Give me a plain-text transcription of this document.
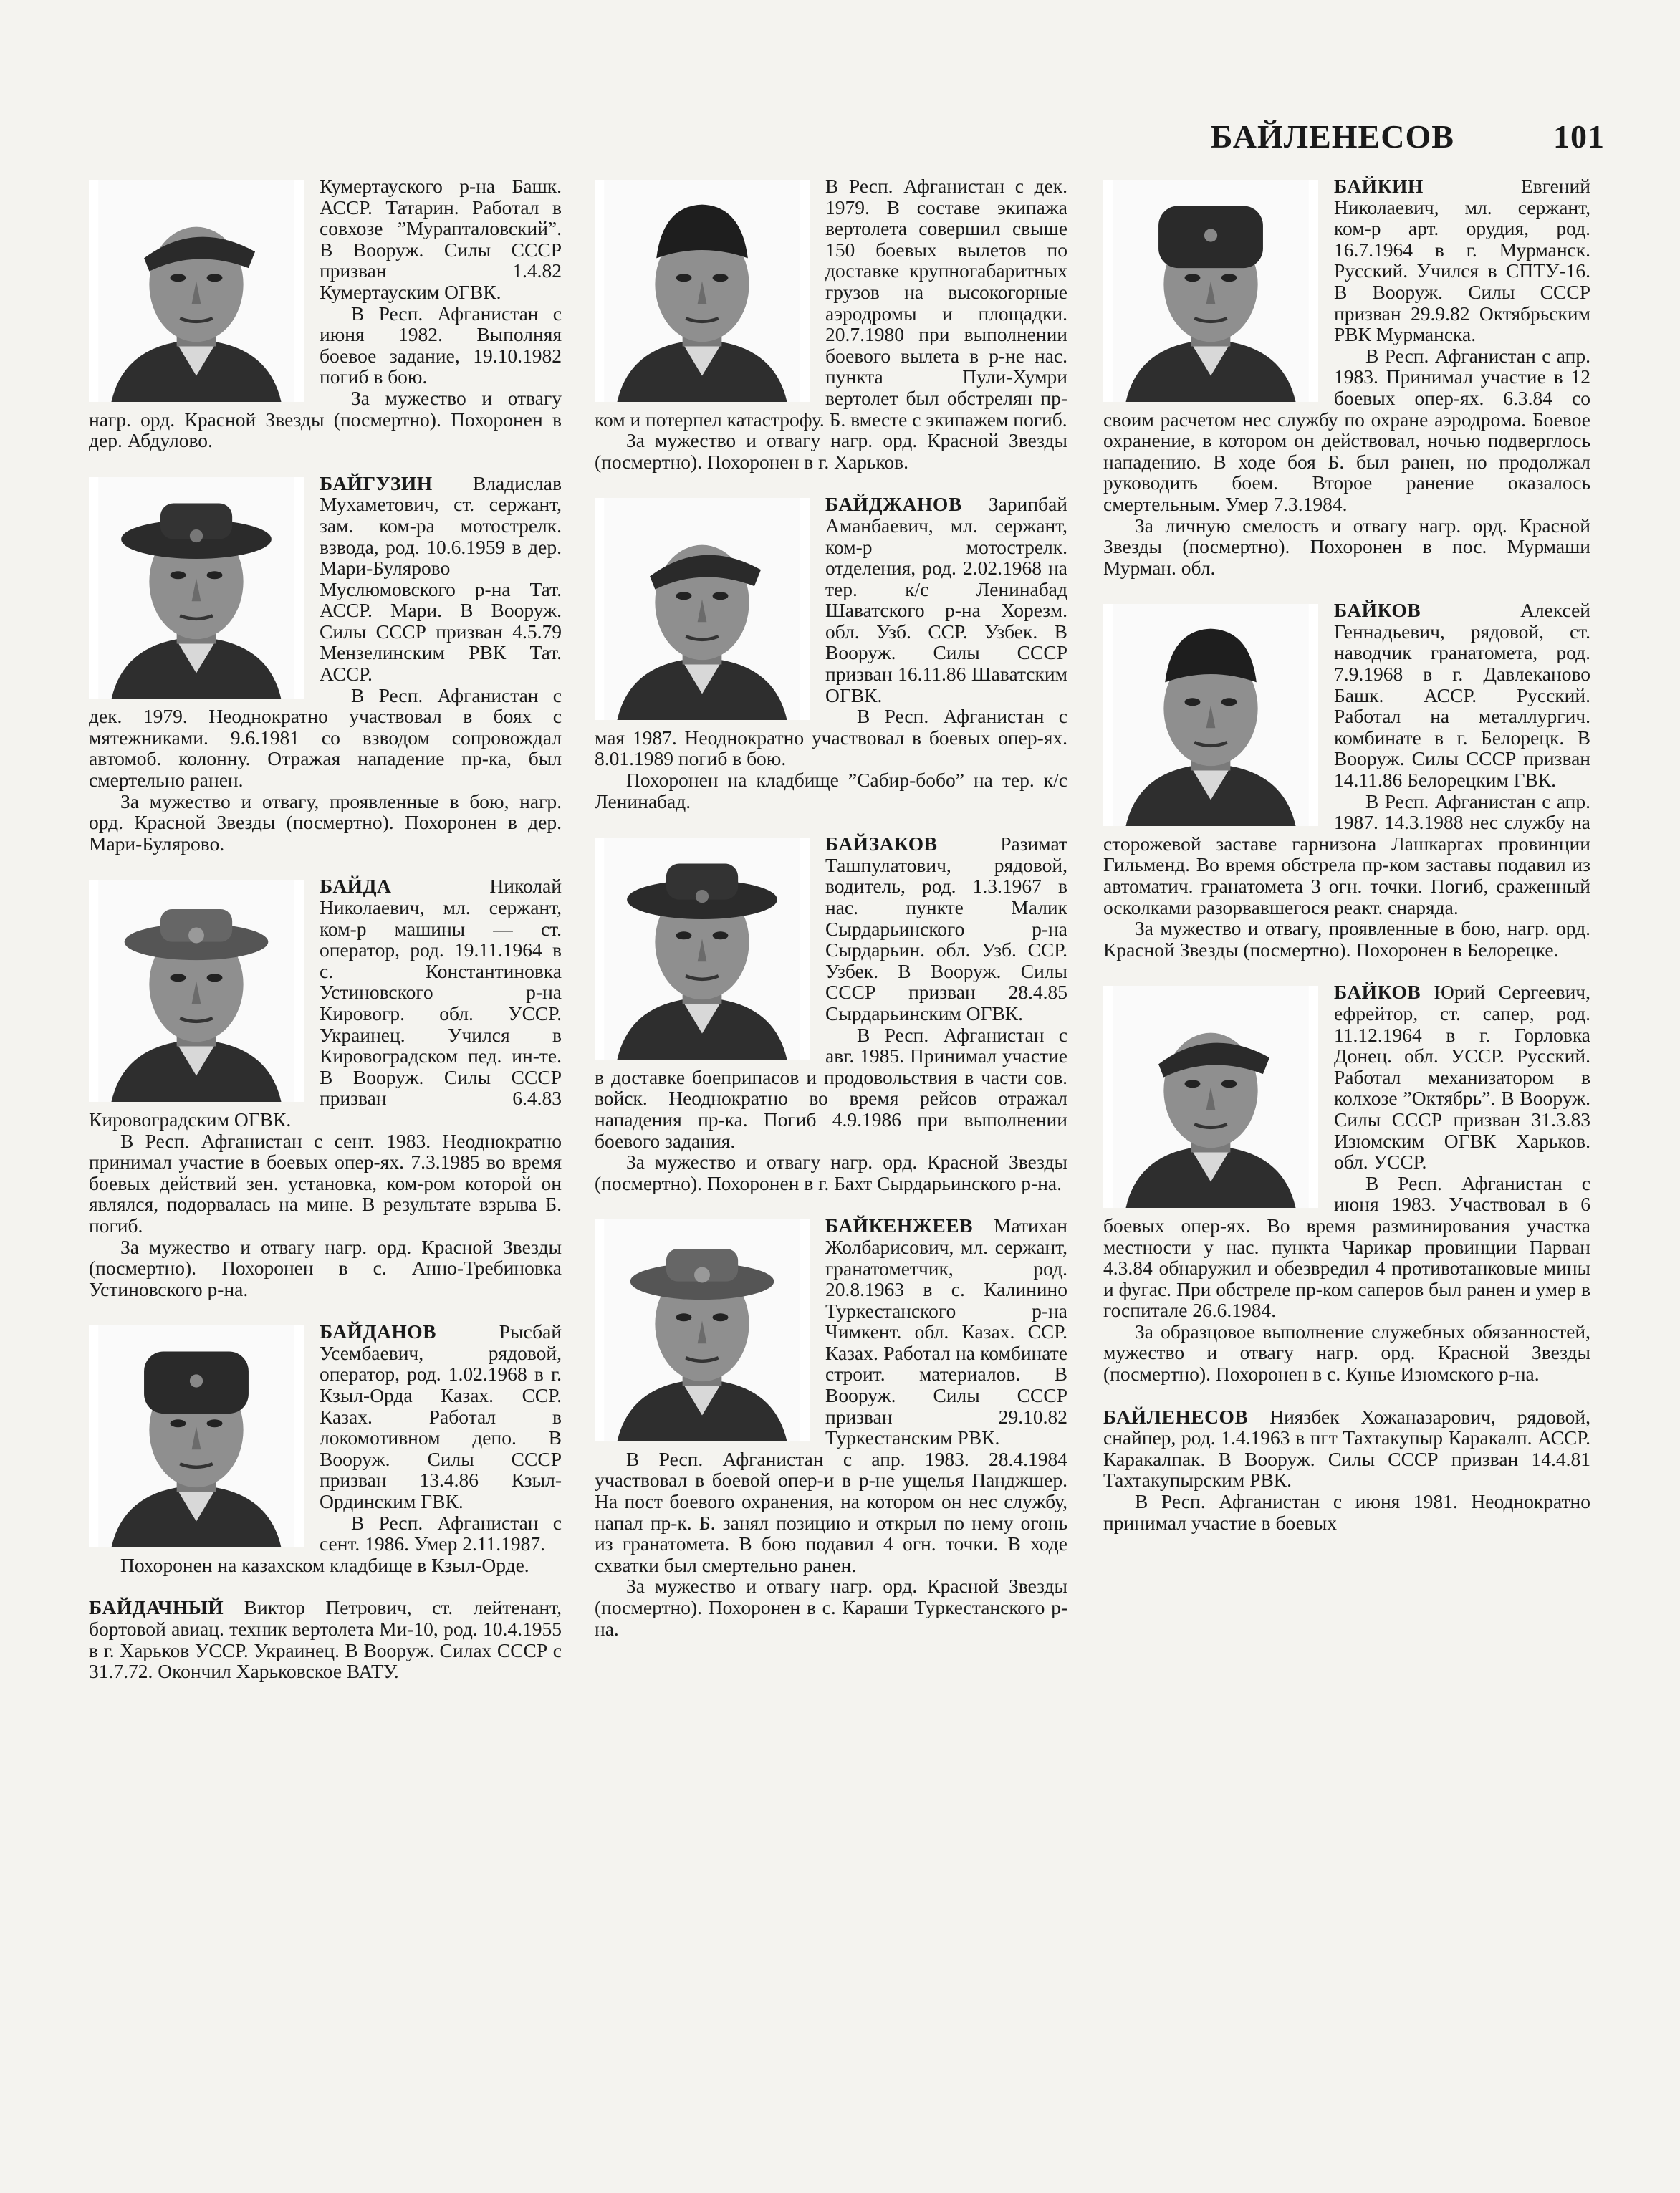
БАЙЛЕНЕСОВ	101

Кумертауского р-на Башк. АССР. Татарин. Работал в совхозе ”Мурапталовский”. В Вооруж. Силы СССР призван 1.4.82 Кумертауским ОГВК.

В Респ. Афганистан с июня 1982. Выполняя боевое задание, 19.10.1982 погиб в бою.

За мужество и отвагу нагр. орд. Красной Звезды (посмертно). Похоронен в дер. Абдулово.

БАЙГУЗИН Владислав Мухаметович, ст. сержант, зам. ком-ра мотострелк. взвода, род. 10.6.1959 в дер. Мари-Булярово Муслюмовского р-на Тат. АССР. Мари. В Вооруж. Силы СССР призван 4.5.79 Мензелинским РВК Тат. АССР.

В Респ. Афганистан с дек. 1979. Неоднократно участвовал в боях с мятежниками. 9.6.1981 со взводом сопровождал автомоб. колонну. Отражая нападение пр-ка, был смертельно ранен.

За мужество и отвагу, проявленные в бою, нагр. орд. Красной Звезды (посмертно). Похоронен в дер. Мари-Булярово.

БАЙДА	Николай Николаевич, мл. сержант, ком-р машины — ст. оператор, род. 19.11.1964 в с. Константиновка Устиновского р-на Кировогр. обл. УССР. Украинец. Учился в Кировоградском пед. ин-те. В Вооруж. Силы СССР призван 6.4.83 Кировоградским ОГВК.

В Респ. Афганистан с сент. 1983. Неоднократно принимал участие в боевых опер-ях. 7.3.1985 во время боевых действий зен. установка, ком-ром которой он являлся, подорвалась на мине. В результате взрыва Б. погиб.

За мужество и отвагу нагр. орд. Красной Звезды (посмертно). Похоронен в с. Анно-Требиновка Устиновского р-на.

БАЙДАНОВ	Рысбай Усембаевич, рядовой, оператор, род. 1.02.1968 в г. Кзыл-Орда Казах. ССР. Казах. Работал в локомотивном депо. В Вооруж. Силы СССР призван 13.4.86 Кзыл-Ординским ГВК.

В Респ. Афганистан с сент. 1986. Умер 2.11.1987.

Похоронен на казахском кладбище в Кзыл-Орде.

БАЙДАЧНЫЙ Виктор Петрович, ст. лейтенант, бортовой авиац. техник вертолета Ми-10, род. 10.4.1955 в г. Харьков УССР. Украинец. В Вооруж. Силах СССР с 31.7.72. Окончил Харьковское ВАТУ.

В Респ. Афганистан с дек. 1979. В составе экипажа вертолета совершил свыше 150 боевых вылетов по доставке крупногабаритных грузов на высокогорные аэродромы и площадки. 20.7.1980 при выполнении боевого вылета в р-не нас. пункта Пули-Хумри вертолет был обстрелян пр-ком и потерпел катастрофу. Б. вместе с экипажем погиб.

За мужество и отвагу нагр. орд. Красной Звезды (посмертно). Похоронен в г. Харьков.

БАЙДЖАНОВ Зарипбай Аманбаевич, мл. сержант, ком-р мотострелк. отделения, род. 2.02.1968 на тер. к/с Ленинабад Шаватского р-на Хорезм. обл. Узб. ССР. Узбек. В Вооруж. Силы СССР призван 16.11.86 Шаватским ОГВК.

В Респ. Афганистан с мая 1987. Неоднократно участвовал в боевых опер-ях. 8.01.1989 погиб в бою.

Похоронен на кладбище ”Сабир-бобо” на тер. к/с Ленинабад.

БАЙЗАКОВ	Разимат Ташпулатович, рядовой, водитель, род. 1.3.1967 в нас. пункте Малик Сырдарьинского р-на Сырдарьин. обл. Узб. ССР. Узбек. В Вооруж. Силы СССР призван 28.4.85 Сырдарьинским ОГВК.

В Респ. Афганистан с авг. 1985. Принимал участие в доставке боеприпасов и продовольствия в части сов. войск. Неоднократно во время рейсов отражал нападения пр-ка. Погиб 4.9.1986 при выполнении боевого задания.

За мужество и отвагу нагр. орд. Красной Звезды (посмертно). Похоронен в г. Бахт Сырдарьинского р-на.

БАЙКЕНЖЕЕВ Матихан Жолбарисович, мл. сержант, гранатометчик, род. 20.8.1963 в с. Калинино Туркестанского р-на Чимкент. обл. Казах. ССР. Казах. Работал на комбинате строит. материалов. В Вооруж. Силы СССР призван 29.10.82 Туркестанским РВК.

В Респ. Афганистан с апр. 1983. 28.4.1984 участвовал в боевой опер-и в р-не ущелья Панджшер. На пост боевого охранения, на котором он нес службу, напал пр-к. Б. занял позицию и открыл по нему огонь из гранатомета. В бою подавил 4 огн. точки. В ходе схватки был смертельно ранен.

За мужество и отвагу нагр. орд. Красной Звезды (посмертно). Похоронен в с. Караши Туркестанского р-на.

БАЙКИН	Евгений Николаевич, мл. сержант, ком-р арт. орудия, род. 16.7.1964 в г. Мурманск. Русский. Учился в СПТУ-16. В Вооруж. Силы СССР призван 29.9.82 Октябрьским РВК Мурманска.

В Респ. Афганистан с апр. 1983. Принимал участие в 12 боевых опер-ях. 6.3.84 со своим расчетом нес службу по охране аэродрома. Боевое охранение, в котором он действовал, ночью подверглось нападению. В ходе боя Б. был ранен, но продолжал руководить боем. Второе ранение оказалось смертельным. Умер 7.3.1984.

За личную смелость и отвагу нагр. орд. Красной Звезды (посмертно). Похоронен в пос. Мурмаши Мурман. обл.

БАЙКОВ	Алексей Геннадьевич, рядовой, ст. наводчик гранатомета, род. 7.9.1968 в г. Давлеканово Башк. АССР. Русский. Работал на металлургич. комбинате в г. Белорецк. В Вооруж. Силы СССР призван 14.11.86 Белорецким ГВК.

В Респ. Афганистан с апр. 1987. 14.3.1988 нес службу на сторожевой заставе гарнизона Лашкаргах провинции Гильменд. Во время обстрела пр-ком заставы подавил из автоматич. гранатомета 3 огн. точки. Погиб, сраженный осколками разорвавшегося реакт. снаряда.

За мужество и отвагу, проявленные в бою, нагр. орд. Красной Звезды (посмертно). Похоронен в Белорецке.

БАЙКОВ Юрий Сергеевич, ефрейтор, ст. сапер, род. 11.12.1964 в г. Горловка Донец. обл. УССР. Русский. Работал механизатором в колхозе ”Октябрь”. В Вооруж. Силы СССР призван 31.3.83 Изюмским ОГВК Харьков. обл. УССР.

В Респ. Афганистан с июня 1983. Участвовал в 6 боевых опер-ях. Во время разминирования участка местности у нас. пункта Чарикар провинции Парван 4.3.84 обнаружил и обезвредил 4 противотанковые мины и фугас. При обстреле пр-ком саперов был ранен и умер в госпитале 26.6.1984.

За образцовое выполнение служебных обязанностей, мужество и отвагу нагр. орд. Красной Звезды (посмертно). Похоронен в с. Кунье Изюмского р-на.

БАЙЛЕНЕСОВ Ниязбек Хожаназарович, рядовой, снайпер, род. 1.4.1963 в пгт Тахтакупыр Каракалп. АССР. Каракалпак. В Вооруж. Силы СССР призван 14.4.81 Тахтакупырским РВК.

В Респ. Афганистан с июня 1981. Неоднократно принимал участие в боевых
